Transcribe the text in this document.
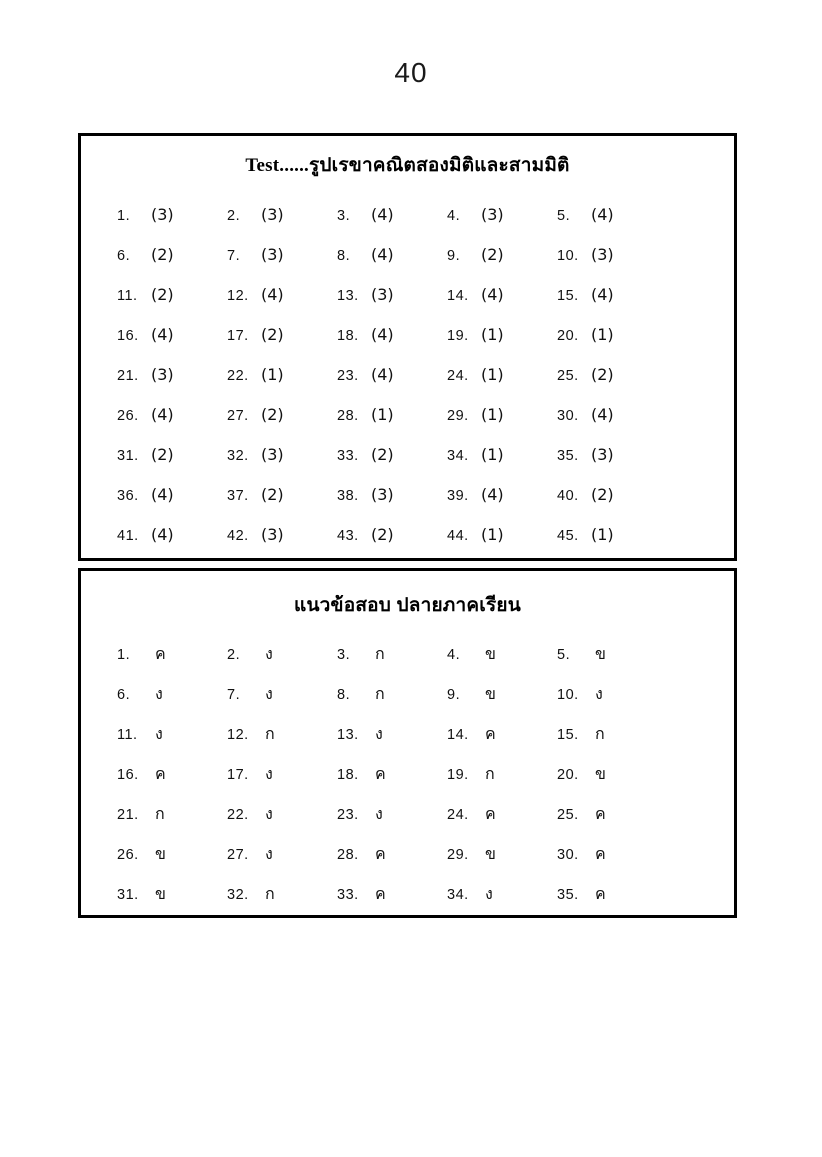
40
Test......รูปเรขาคณิตสองมิติและสามมิติ
1.	(3)	2.	(3)	3.	(4)	4.	(3)	5.	(4)
6.	(2)	7.	(3)	8.	(4)	9.	(2)	10. (3)
11. (2)	12. (4)	13. (3)	14. (4)	15. (4)
16. (4)	17. (2)	18. (4)	19. (1)	20. (1)
21. (3)	22. (1)	23. (4)	24. (1)	25. (2)
26. (4)	27. (2)	28. (1)	29. (1)	30. (4)
31. (2)	32. (3)	33. (2)	34. (1)	35. (3)
36. (4)	37. (2)	38. (3)	39. (4)	40. (2)
41. (4)	42. (3)	43. (2)	44. (1)	45. (1)
แนวข้อสอบ ปลายภาคเรียน
1.	ค	2.	ง	3.	ก	4.	ข	5.	ข
6.	ง	7.	ง	8.	ก	9.	ข	10.	ง
11.	ง	12.	ก	13.	ง	14.	ค	15.	ก
16.	ค	17.	ง	18.	ค	19.	ก	20.	ข
21.	ก	22.	ง	23.	ง	24.	ค	25.	ค
26.	ข	27.	ง	28.	ค	29.	ข	30.	ค
31.	ข	32.	ก	33.	ค	34.	ง	35.	ค
